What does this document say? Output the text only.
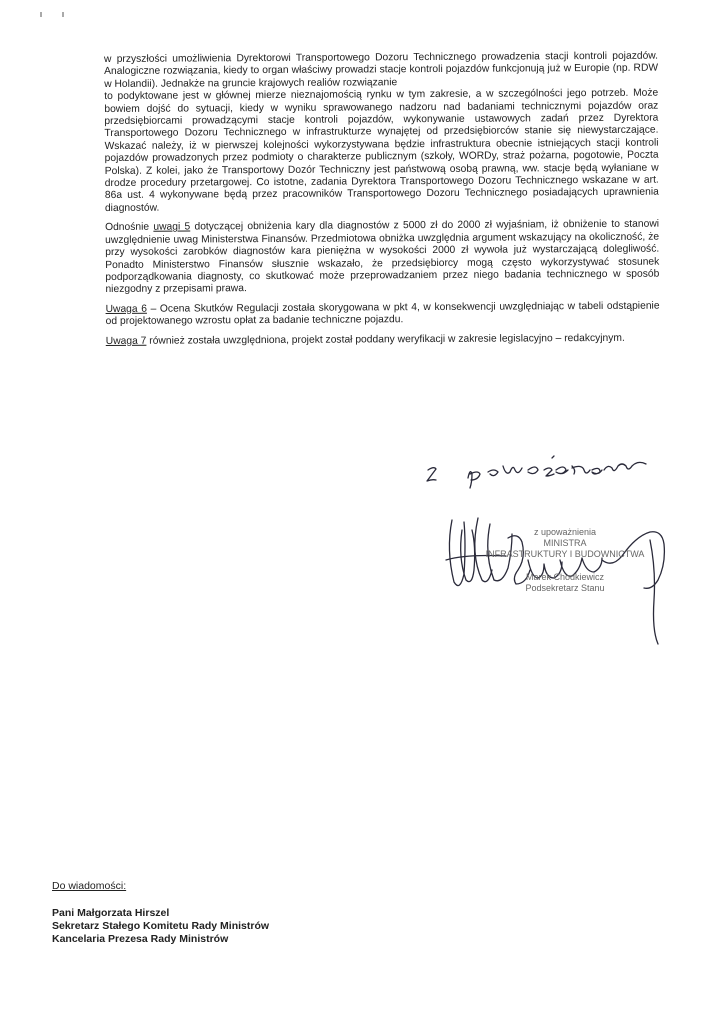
w przyszłości umożliwienia Dyrektorowi Transportowego Dozoru Technicznego prowadzenia stacji kontroli pojazdów. Analogiczne rozwiązania, kiedy to organ właściwy prowadzi stacje kontroli pojazdów funkcjonują już w Europie (np. RDW w Holandii). Jednakże na gruncie krajowych realiów rozwiązanie

to podyktowane jest w głównej mierze nieznajomością rynku w tym zakresie, a w szczególności jego potrzeb. Może bowiem dojść do sytuacji, kiedy w wyniku sprawowanego nadzoru nad badaniami technicznymi pojazdów oraz przedsiębiorcami prowadzącymi stacje kontroli pojazdów, wykonywanie ustawowych zadań przez Dyrektora Transportowego Dozoru Technicznego w infrastrukturze wynajętej od przedsiębiorców stanie się niewystarczające. Wskazać należy, iż w pierwszej kolejności wykorzystywana będzie infrastruktura obecnie istniejących stacji kontroli pojazdów prowadzonych przez podmioty o charakterze publicznym (szkoły, WORDy, straż pożarna, pogotowie, Poczta Polska). Z kolei, jako że Transportowy Dozór Techniczny jest państwową osobą prawną, ww. stacje będą wyłaniane w drodze procedury przetargowej. Co istotne, zadania Dyrektora Transportowego Dozoru Technicznego wskazane w art. 86a ust. 4 wykonywane będą przez pracowników Transportowego Dozoru Technicznego posiadających uprawnienia diagnostów.

Odnośnie uwagi 5 dotyczącej obniżenia kary dla diagnostów z 5000 zł do 2000 zł wyjaśniam, iż obniżenie to stanowi uwzględnienie uwag Ministerstwa Finansów. Przedmiotowa obniżka uwzględnia argument wskazujący na okoliczność, że przy wysokości zarobków diagnostów kara pieniężna w wysokości 2000 zł wywoła już wystarczającą dolegliwość. Ponadto Ministerstwo Finansów słusznie wskazało, że przedsiębiorcy mogą często wykorzystywać stosunek podporządkowania diagnosty, co skutkować może przeprowadzaniem przez niego badania technicznego w sposób niezgodny z przepisami prawa.

Uwaga 6 – Ocena Skutków Regulacji została skorygowana w pkt 4, w konsekwencji uwzględniając w tabeli odstąpienie od projektowanego wzrostu opłat za badanie techniczne pojazdu.

Uwaga 7 również została uwzględniona, projekt został poddany weryfikacji w zakresie legislacyjno – redakcyjnym.

z upoważnienia
MINISTRA
INFRASTRUKTURY I BUDOWNICTWA
Marek Chodkiewicz
Podsekretarz Stanu
Do wiadomości:
Pani Małgorzata Hirszel
Sekretarz Stałego Komitetu Rady Ministrów
Kancelaria Prezesa Rady Ministrów
